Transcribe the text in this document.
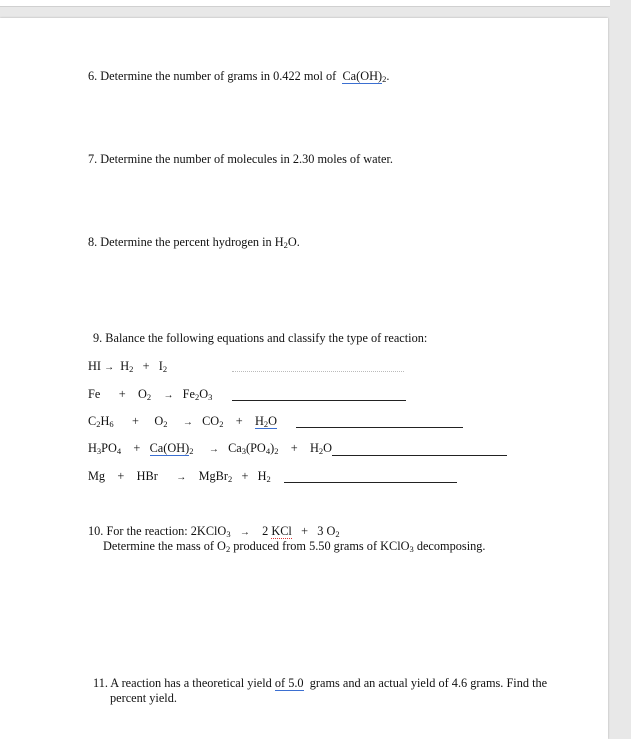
6. Determine the number of grams in 0.422 mol of $Ca(OH)_2$.
7. Determine the number of molecules in 2.30 moles of water.
8. Determine the percent hydrogen in $H_2O$.
9. Balance the following equations and classify the type of reaction:
HI → $H_2 + I_2$
$Fe + O_2 \to Fe_2O_3$
$C_2H_6 + O_2 \to CO_2 + H_2O$
$H_3PO_4 + Ca(OH)_2 \to Ca_3(PO_4)_2 + H_2O$
Mg + HBr → MgBr$_2$ + $H_2$
10. For the reaction: 2KClO$_3$ → 2 KCl + 3 $O_2$
Determine the mass of $O_2$ produced from 5.50 grams of KClO$_3$ decomposing.
11. A reaction has a theoretical yield of 5.0 grams and an actual yield of 4.6 grams. Find the
percent yield.
